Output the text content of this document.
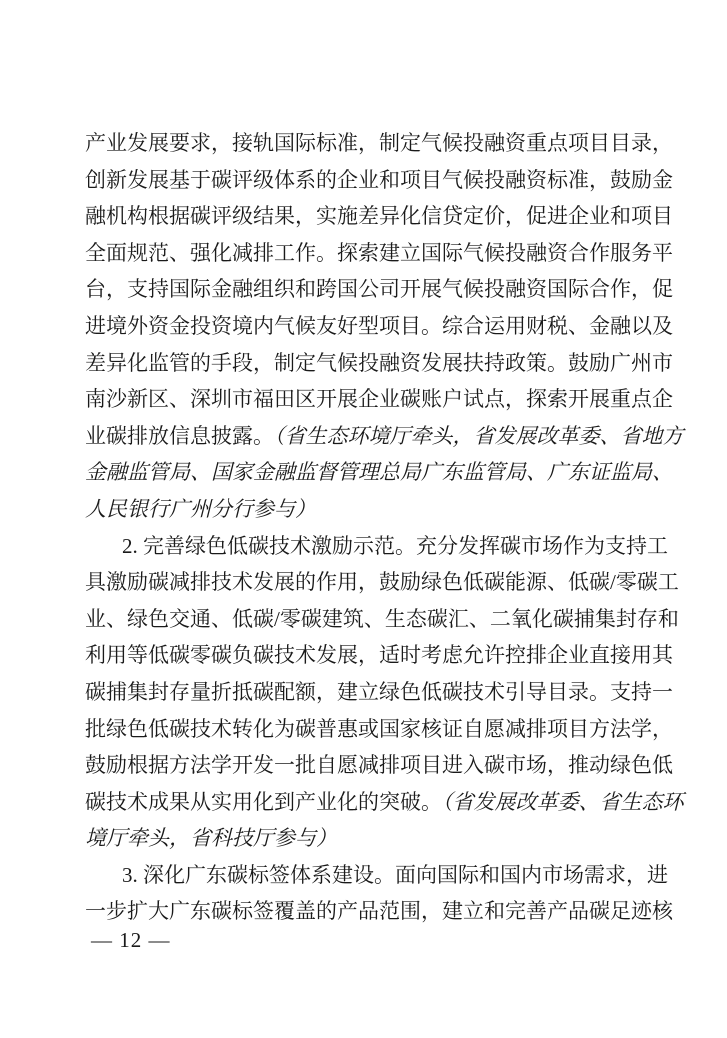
产业发展要求，接轨国际标准，制定气候投融资重点项目目录，
创新发展基于碳评级体系的企业和项目气候投融资标准，鼓励金
融机构根据碳评级结果，实施差异化信贷定价，促进企业和项目
全面规范、强化减排工作。探索建立国际气候投融资合作服务平
台，支持国际金融组织和跨国公司开展气候投融资国际合作，促
进境外资金投资境内气候友好型项目。综合运用财税、金融以及
差异化监管的手段，制定气候投融资发展扶持政策。鼓励广州市
南沙新区、深圳市福田区开展企业碳账户试点，探索开展重点企
业碳排放信息披露。（省生态环境厅牵头，省发展改革委、省地方
金融监管局、国家金融监督管理总局广东监管局、广东证监局、
人民银行广州分行参与）
2. 完善绿色低碳技术激励示范。充分发挥碳市场作为支持工
具激励碳减排技术发展的作用，鼓励绿色低碳能源、低碳/零碳工
业、绿色交通、低碳/零碳建筑、生态碳汇、二氧化碳捕集封存和
利用等低碳零碳负碳技术发展，适时考虑允许控排企业直接用其
碳捕集封存量折抵碳配额，建立绿色低碳技术引导目录。支持一
批绿色低碳技术转化为碳普惠或国家核证自愿减排项目方法学，
鼓励根据方法学开发一批自愿减排项目进入碳市场，推动绿色低
碳技术成果从实用化到产业化的突破。（省发展改革委、省生态环
境厅牵头，省科技厅参与）
3. 深化广东碳标签体系建设。面向国际和国内市场需求，进
一步扩大广东碳标签覆盖的产品范围，建立和完善产品碳足迹核
— 12 —
